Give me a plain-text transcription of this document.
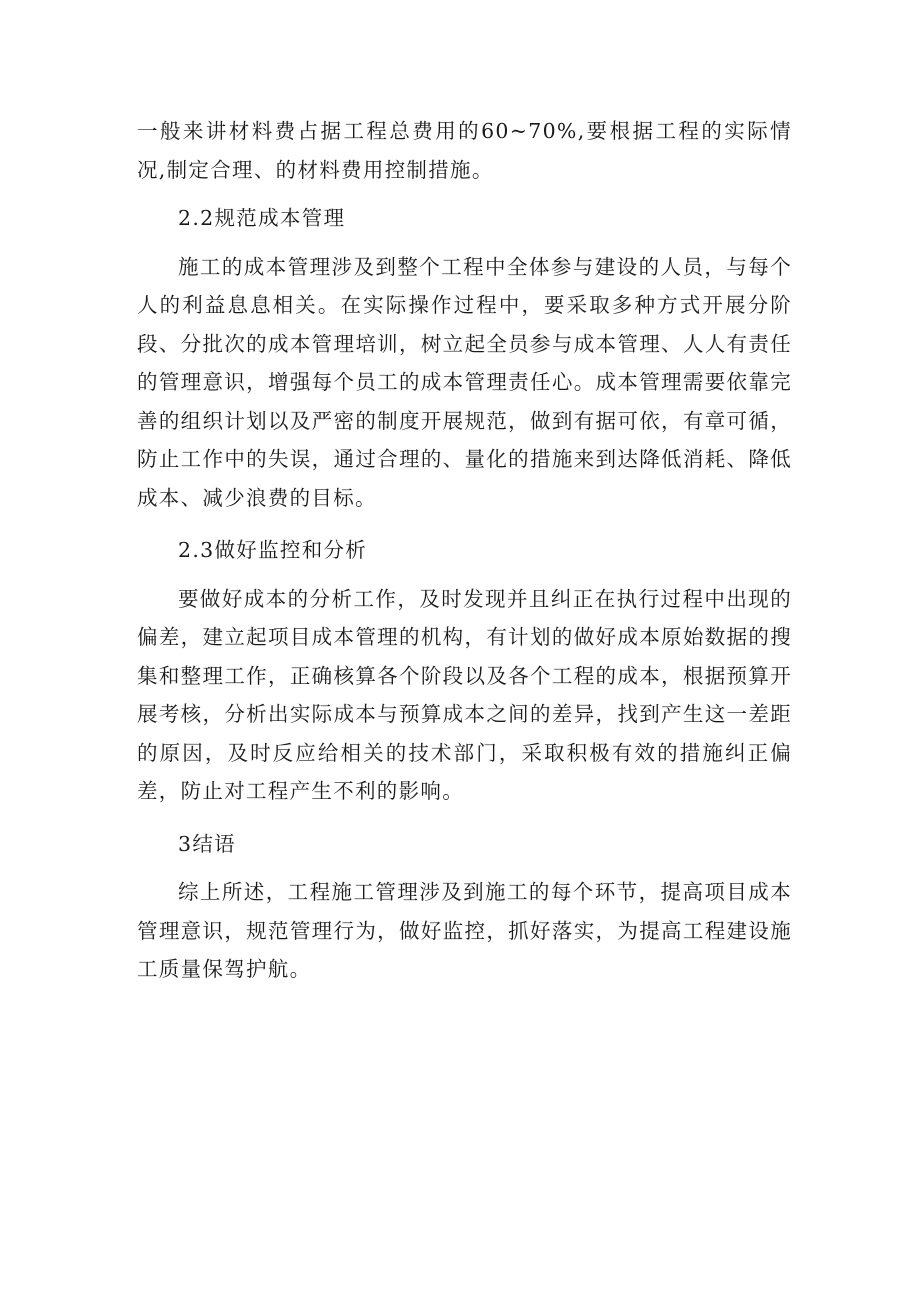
一般来讲材料费占据工程总费用的60~70%,要根据工程的实际情况,制定合理、的材料费用控制措施。

2.2规范成本管理

施工的成本管理涉及到整个工程中全体参与建设的人员，与每个人的利益息息相关。在实际操作过程中，要采取多种方式开展分阶段、分批次的成本管理培训，树立起全员参与成本管理、人人有责任的管理意识，增强每个员工的成本管理责任心。成本管理需要依靠完善的组织计划以及严密的制度开展规范，做到有据可依，有章可循，防止工作中的失误，通过合理的、量化的措施来到达降低消耗、降低成本、减少浪费的目标。

2.3做好监控和分析

要做好成本的分析工作，及时发现并且纠正在执行过程中出现的偏差，建立起项目成本管理的机构，有计划的做好成本原始数据的搜集和整理工作，正确核算各个阶段以及各个工程的成本，根据预算开展考核，分析出实际成本与预算成本之间的差异，找到产生这一差距的原因，及时反应给相关的技术部门，采取积极有效的措施纠正偏差，防止对工程产生不利的影响。

3结语

综上所述，工程施工管理涉及到施工的每个环节，提高项目成本管理意识，规范管理行为，做好监控，抓好落实，为提高工程建设施工质量保驾护航。
